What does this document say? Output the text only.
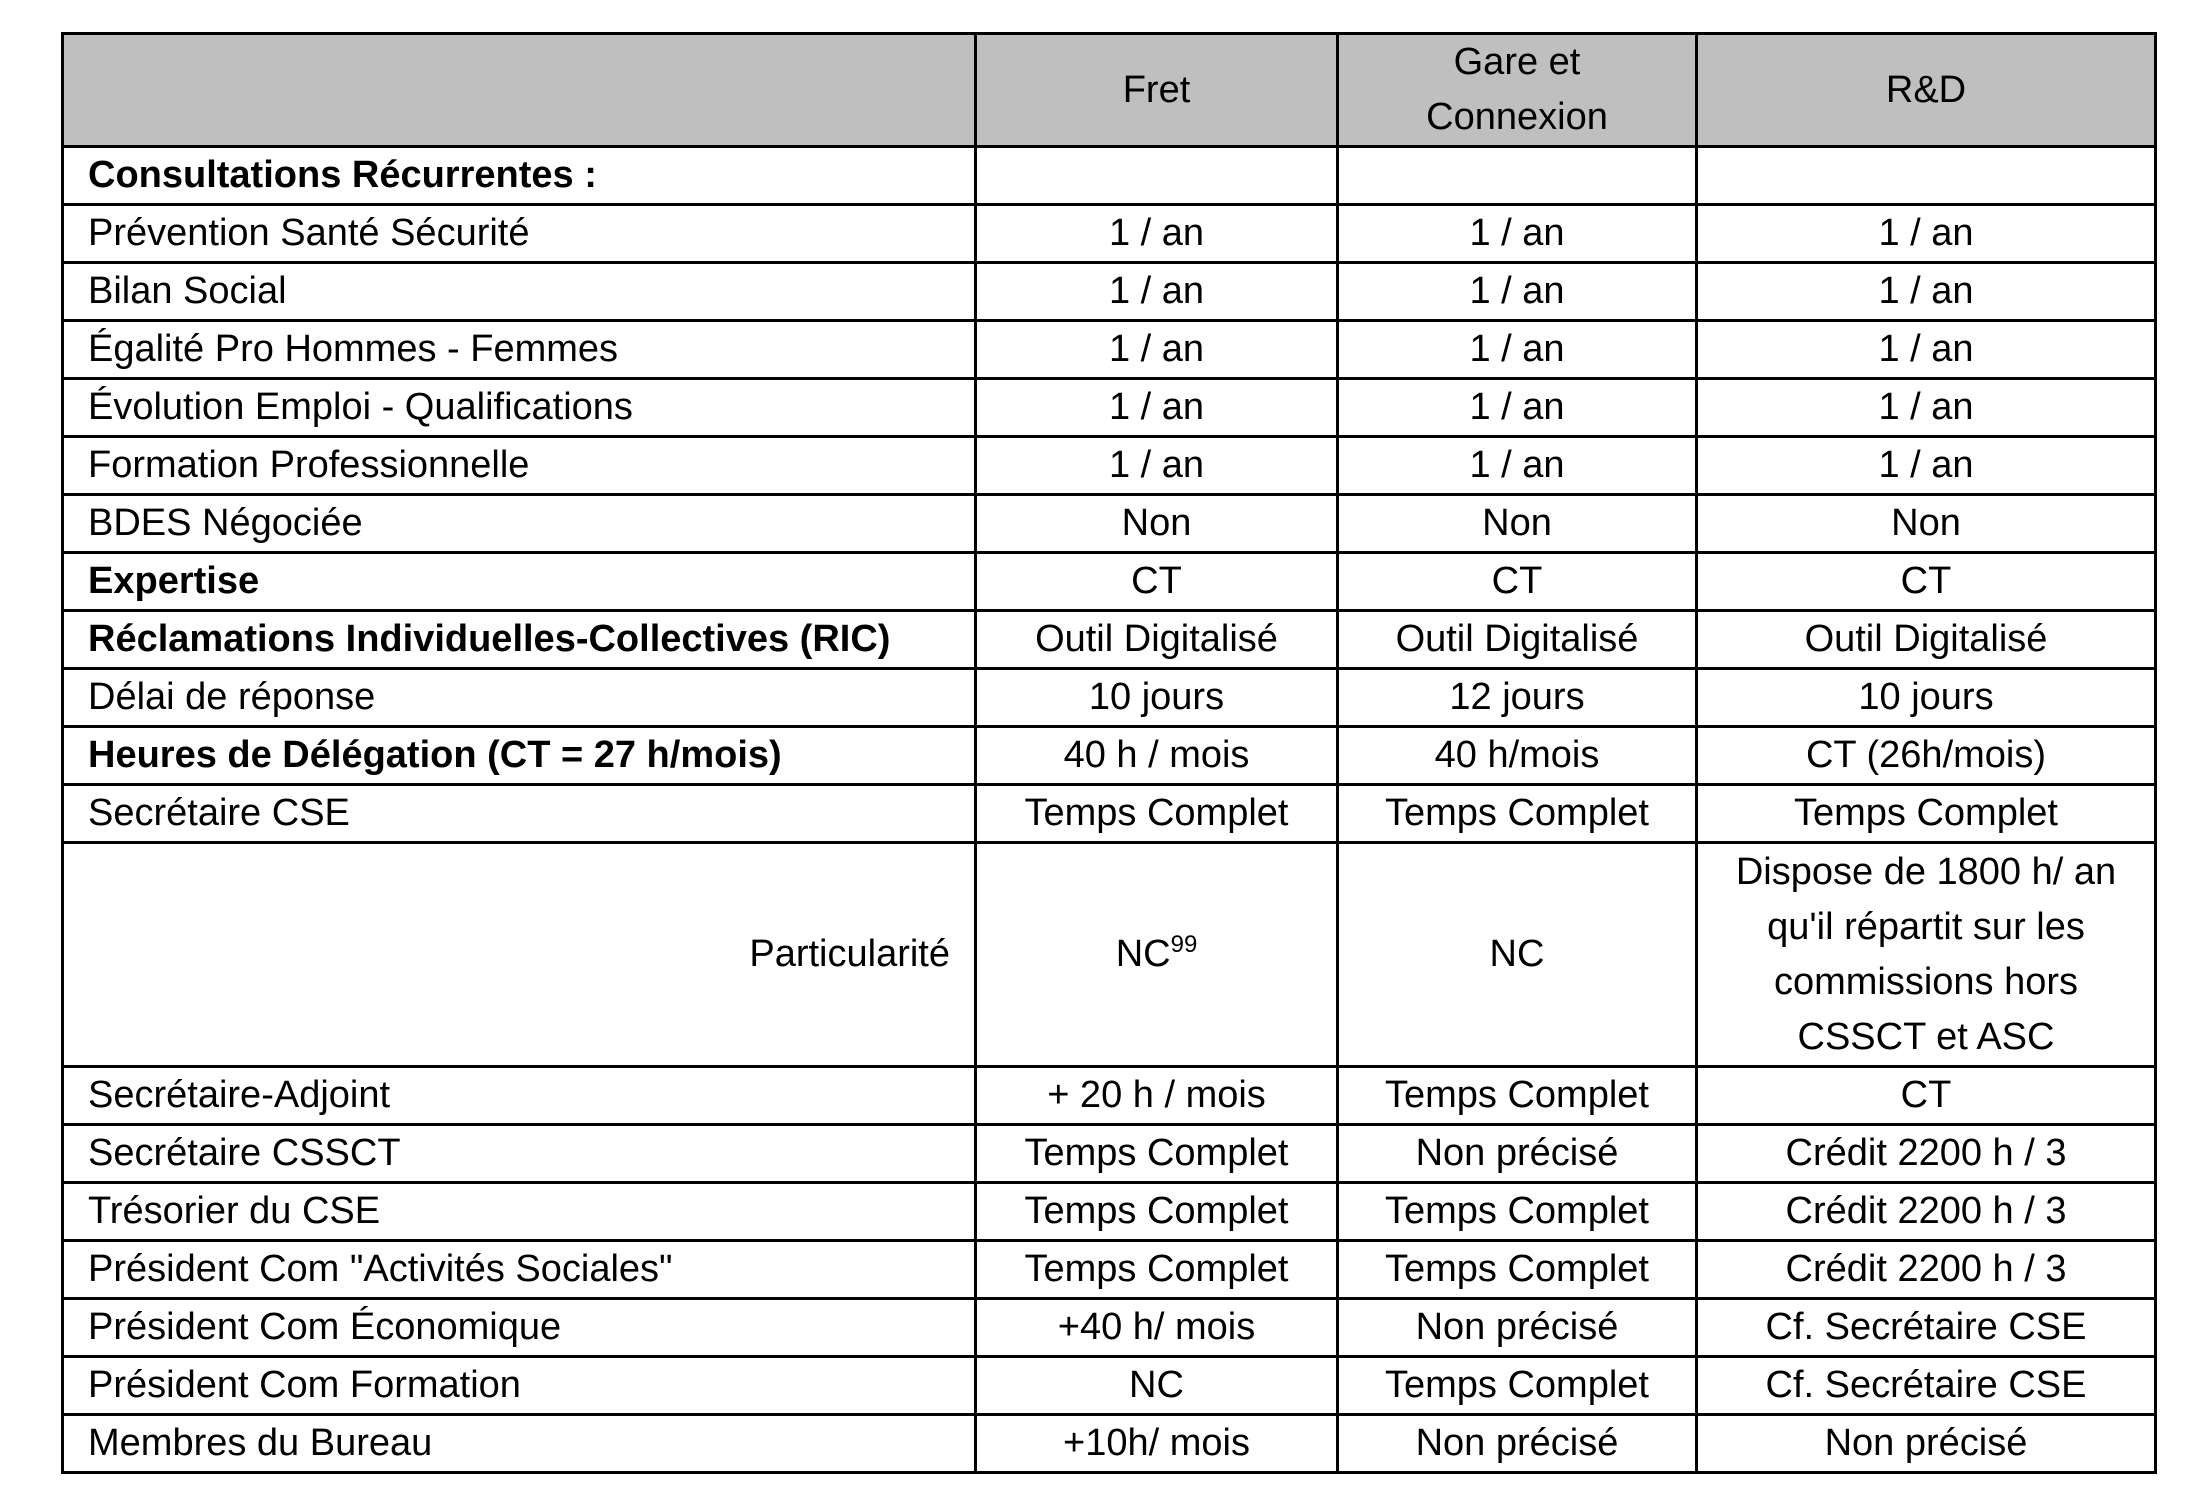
	Fret	Gare et Connexion	R&D
Consultations Récurrentes :			
Prévention Santé Sécurité	1 / an	1 / an	1 / an
Bilan Social	1 / an	1 / an	1 / an
Égalité Pro Hommes - Femmes	1 / an	1 / an	1 / an
Évolution Emploi - Qualifications	1 / an	1 / an	1 / an
Formation Professionnelle	1 / an	1 / an	1 / an
BDES Négociée	Non	Non	Non
Expertise	CT	CT	CT
Réclamations Individuelles-Collectives (RIC)	Outil Digitalisé	Outil Digitalisé	Outil Digitalisé
Délai de réponse	10 jours	12 jours	10 jours
Heures de Délégation (CT = 27 h/mois)	40 h / mois	40 h/mois	CT (26h/mois)
Secrétaire CSE	Temps Complet	Temps Complet	Temps Complet
Particularité	NC$^{99}$	NC	Dispose de 1800 h/ an qu'il répartit sur les commissions hors CSSCT et ASC
Secrétaire-Adjoint	+ 20 h / mois	Temps Complet	CT
Secrétaire CSSCT	Temps Complet	Non précisé	Crédit 2200 h / 3
Trésorier du CSE	Temps Complet	Temps Complet	Crédit 2200 h / 3
Président Com "Activités Sociales"	Temps Complet	Temps Complet	Crédit 2200 h / 3
Président Com Économique	+40 h/ mois	Non précisé	Cf. Secrétaire CSE
Président Com Formation	NC	Temps Complet	Cf. Secrétaire CSE
Membres du Bureau	+10h/ mois	Non précisé	Non précisé
